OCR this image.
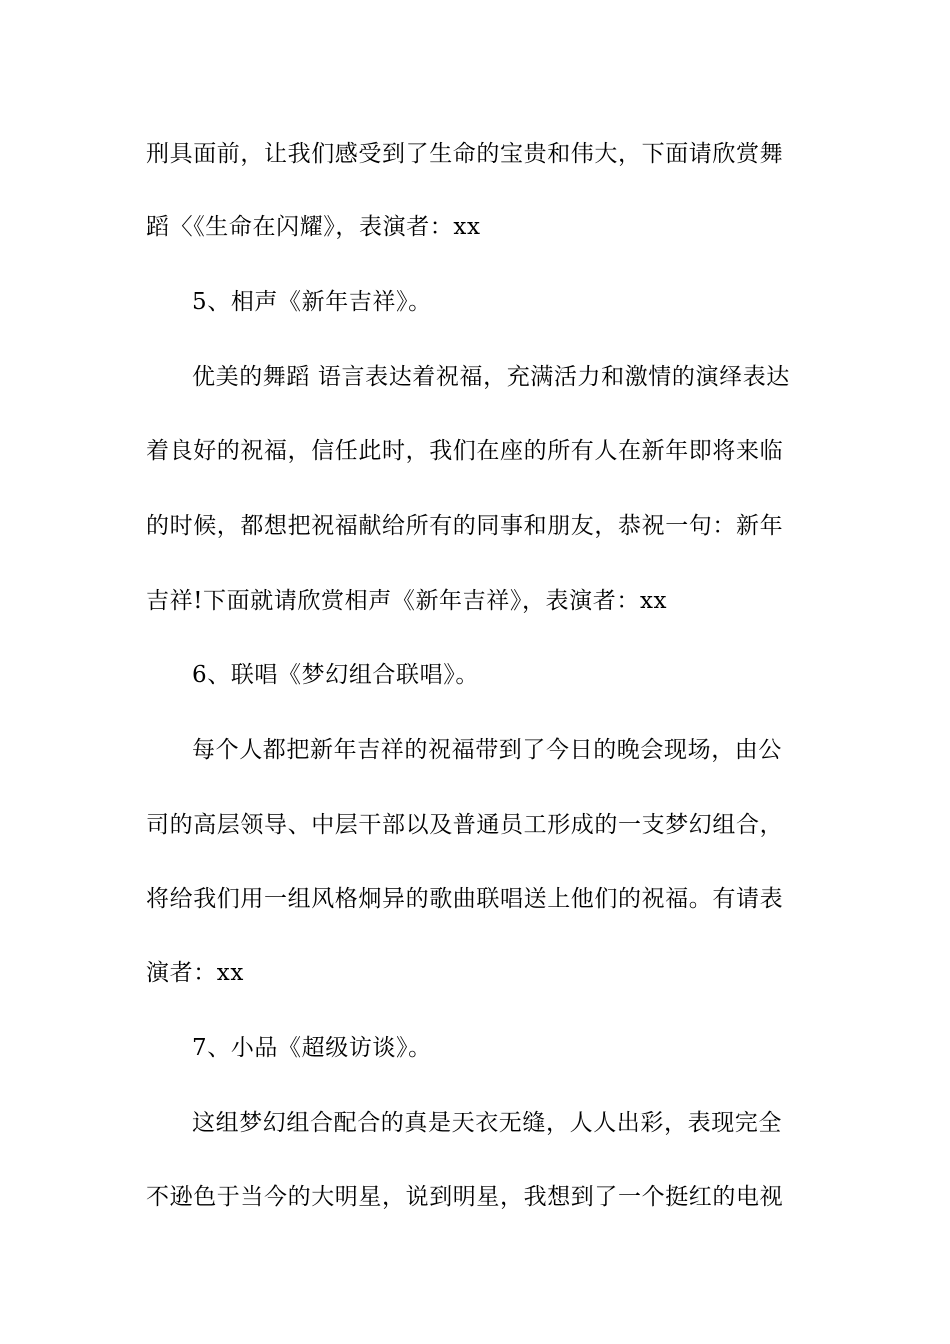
刑具面前，让我们感受到了生命的宝贵和伟大，下面请欣赏舞
蹈〈《生命在闪耀》，表演者：xx
5、相声《新年吉祥》。
优美的舞蹈 语言表达着祝福，充满活力和激情的演绎表达
着良好的祝福，信任此时，我们在座的所有人在新年即将来临
的时候，都想把祝福献给所有的同事和朋友，恭祝一句：新年
吉祥!下面就请欣赏相声《新年吉祥》，表演者：xx
6、联唱《梦幻组合联唱》。
每个人都把新年吉祥的祝福带到了今日的晚会现场，由公
司的高层领导、中层干部以及普通员工形成的一支梦幻组合，
将给我们用一组风格炯异的歌曲联唱送上他们的祝福。有请表
演者：xx
7、小品《超级访谈》。
这组梦幻组合配合的真是天衣无缝，人人出彩，表现完全
不逊色于当今的大明星，说到明星，我想到了一个挺红的电视
